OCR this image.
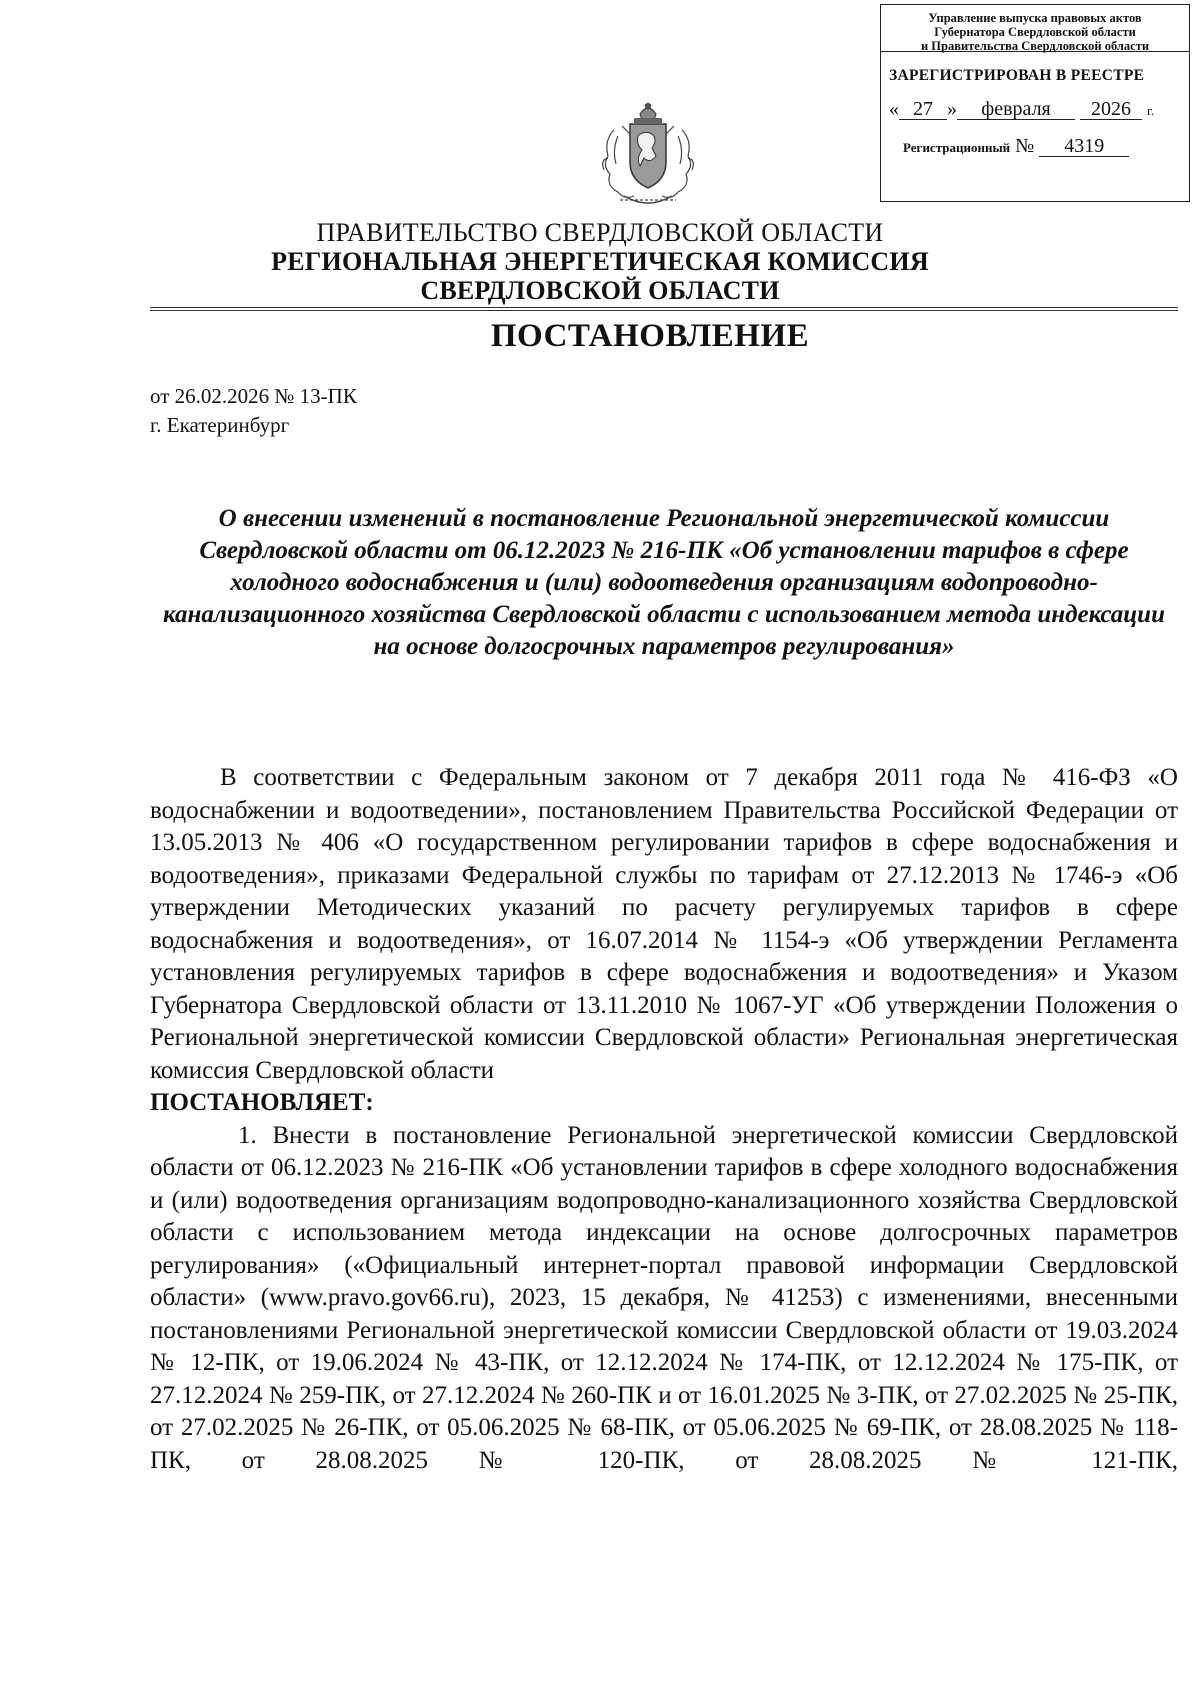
Управление выпуска правовых актов
Губернатора Свердловской области
и Правительства Свердловской области
ЗАРЕГИСТРИРОВАН В РЕЕСТРЕ
« 27 » февраля 2026 г.
Регистрационный № 4319
ПРАВИТЕЛЬСТВО СВЕРДЛОВСКОЙ ОБЛАСТИ
РЕГИОНАЛЬНАЯ ЭНЕРГЕТИЧЕСКАЯ КОМИССИЯ
СВЕРДЛОВСКОЙ ОБЛАСТИ
ПОСТАНОВЛЕНИЕ
от 26.02.2026 № 13-ПК
г. Екатеринбург
О внесении изменений в постановление Региональной энергетической комиссии Свердловской области от 06.12.2023 № 216-ПК «Об установлении тарифов в сфере холодного водоснабжения и (или) водоотведения организациям водопроводно-канализационного хозяйства Свердловской области с использованием метода индексации на основе долгосрочных параметров регулирования»

В соответствии с Федеральным законом от 7 декабря 2011 года № 416-ФЗ «О водоснабжении и водоотведении», постановлением Правительства Российской Федерации от 13.05.2013 № 406 «О государственном регулировании тарифов в сфере водоснабжения и водоотведения», приказами Федеральной службы по тарифам от 27.12.2013 № 1746-э «Об утверждении Методических указаний по расчету регулируемых тарифов в сфере водоснабжения и водоотведения», от 16.07.2014 № 1154-э «Об утверждении Регламента установления регулируемых тарифов в сфере водоснабжения и водоотведения» и Указом Губернатора Свердловской области от 13.11.2010 № 1067-УГ «Об утверждении Положения о Региональной энергетической комиссии Свердловской области» Региональная энергетическая комиссия Свердловской области

ПОСТАНОВЛЯЕТ:

1. Внести в постановление Региональной энергетической комиссии Свердловской области от 06.12.2023 № 216-ПК «Об установлении тарифов в сфере холодного водоснабжения и (или) водоотведения организациям водопроводно-канализационного хозяйства Свердловской области с использованием метода индексации на основе долгосрочных параметров регулирования» («Официальный интернет-портал правовой информации Свердловской области» (www.pravo.gov66.ru), 2023, 15 декабря, № 41253) с изменениями, внесенными постановлениями Региональной энергетической комиссии Свердловской области от 19.03.2024 № 12-ПК, от 19.06.2024 № 43-ПК, от 12.12.2024 № 174-ПК, от 12.12.2024 № 175-ПК, от 27.12.2024 № 259-ПК, от 27.12.2024 № 260-ПК и от 16.01.2025 № 3-ПК, от 27.02.2025 № 25-ПК, от 27.02.2025 № 26-ПК, от 05.06.2025 № 68-ПК, от 05.06.2025 № 69-ПК, от 28.08.2025 № 118-ПК, от 28.08.2025 № 120-ПК, от 28.08.2025 № 121-ПК,
